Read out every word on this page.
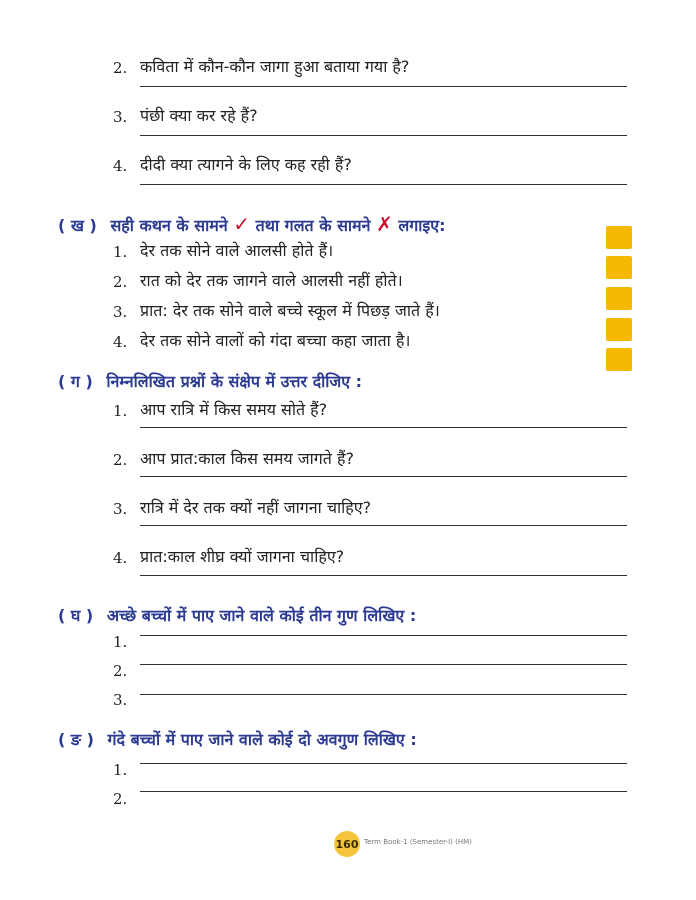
2. कविता में कौन-कौन जागा हुआ बताया गया है?
3. पंछी क्या कर रहे हैं?
4. दीदी क्या त्यागने के लिए कह रही हैं?
( ख ) सही कथन के सामने ✓ तथा गलत के सामने ✗ लगाइए:
1. देर तक सोने वाले आलसी होते हैं।
2. रात को देर तक जागने वाले आलसी नहीं होते।
3. प्रात: देर तक सोने वाले बच्चे स्कूल में पिछड़ जाते हैं।
4. देर तक सोने वालों को गंदा बच्चा कहा जाता है।
( ग ) निम्नलिखित प्रश्नों के संक्षेप में उत्तर दीजिए :
1. आप रात्रि में किस समय सोते हैं?
2. आप प्रात:काल किस समय जागते हैं?
3. रात्रि में देर तक क्यों नहीं जागना चाहिए?
4. प्रात:काल शीघ्र क्यों जागना चाहिए?
( घ ) अच्छे बच्चों में पाए जाने वाले कोई तीन गुण लिखिए :
1.
2.
3.
( ङ ) गंदे बच्चों में पाए जाने वाले कोई दो अवगुण लिखिए :
1.
2.
160 Term Book-1 (Semester-I) (HM)
